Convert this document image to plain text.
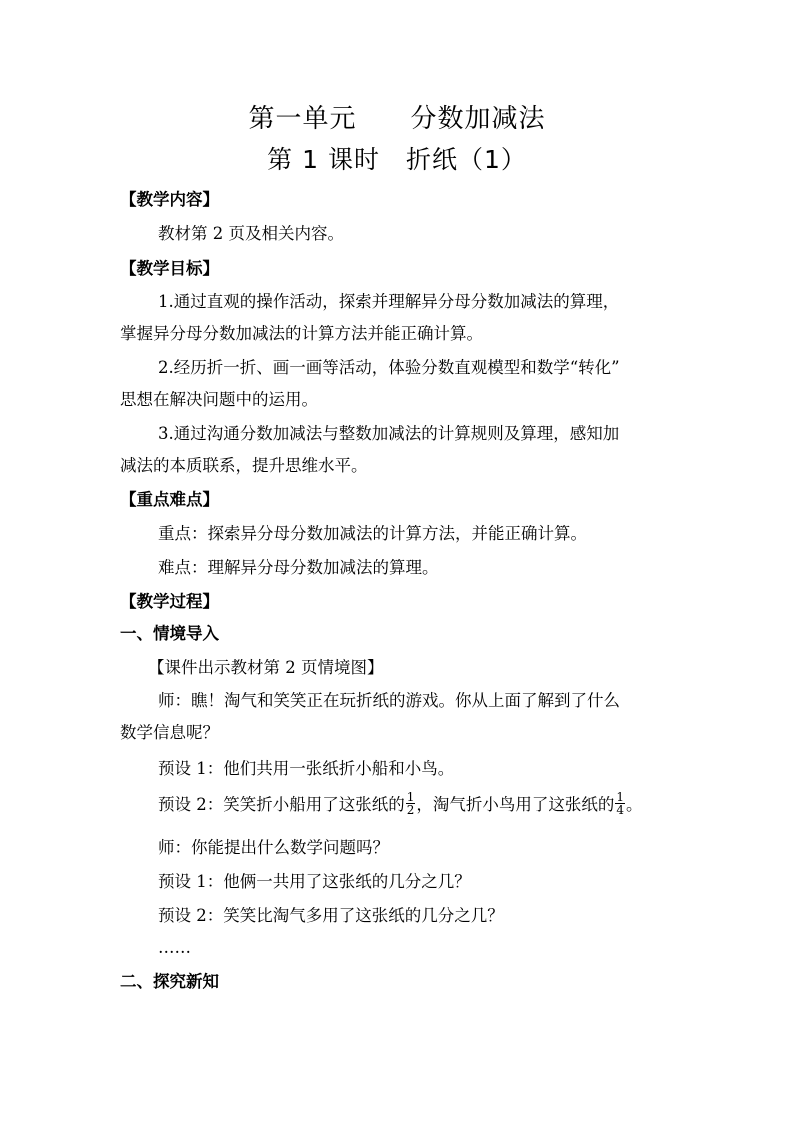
第一单元　　分数加减法
第 1 课时　折纸（1）
【教学内容】
教材第 2 页及相关内容。
【教学目标】
1.通过直观的操作活动，探索并理解异分母分数加减法的算理，
掌握异分母分数加减法的计算方法并能正确计算。
2.经历折一折、画一画等活动，体验分数直观模型和数学“转化”
思想在解决问题中的运用。
3.通过沟通分数加减法与整数加减法的计算规则及算理，感知加
减法的本质联系，提升思维水平。
【重点难点】
重点：探索异分母分数加减法的计算方法，并能正确计算。
难点：理解异分母分数加减法的算理。
【教学过程】
一、情境导入
【课件出示教材第 2 页情境图】
师：瞧！淘气和笑笑正在玩折纸的游戏。你从上面了解到了什么
数学信息呢？
预设 1：他们共用一张纸折小船和小鸟。
预设 2：笑笑折小船用了这张纸的 $\frac{1}{2}$ ，淘气折小鸟用了这张纸的 $\frac{1}{4}$ 。
师：你能提出什么数学问题吗？
预设 1：他俩一共用了这张纸的几分之几？
预设 2：笑笑比淘气多用了这张纸的几分之几？
……
二、探究新知
